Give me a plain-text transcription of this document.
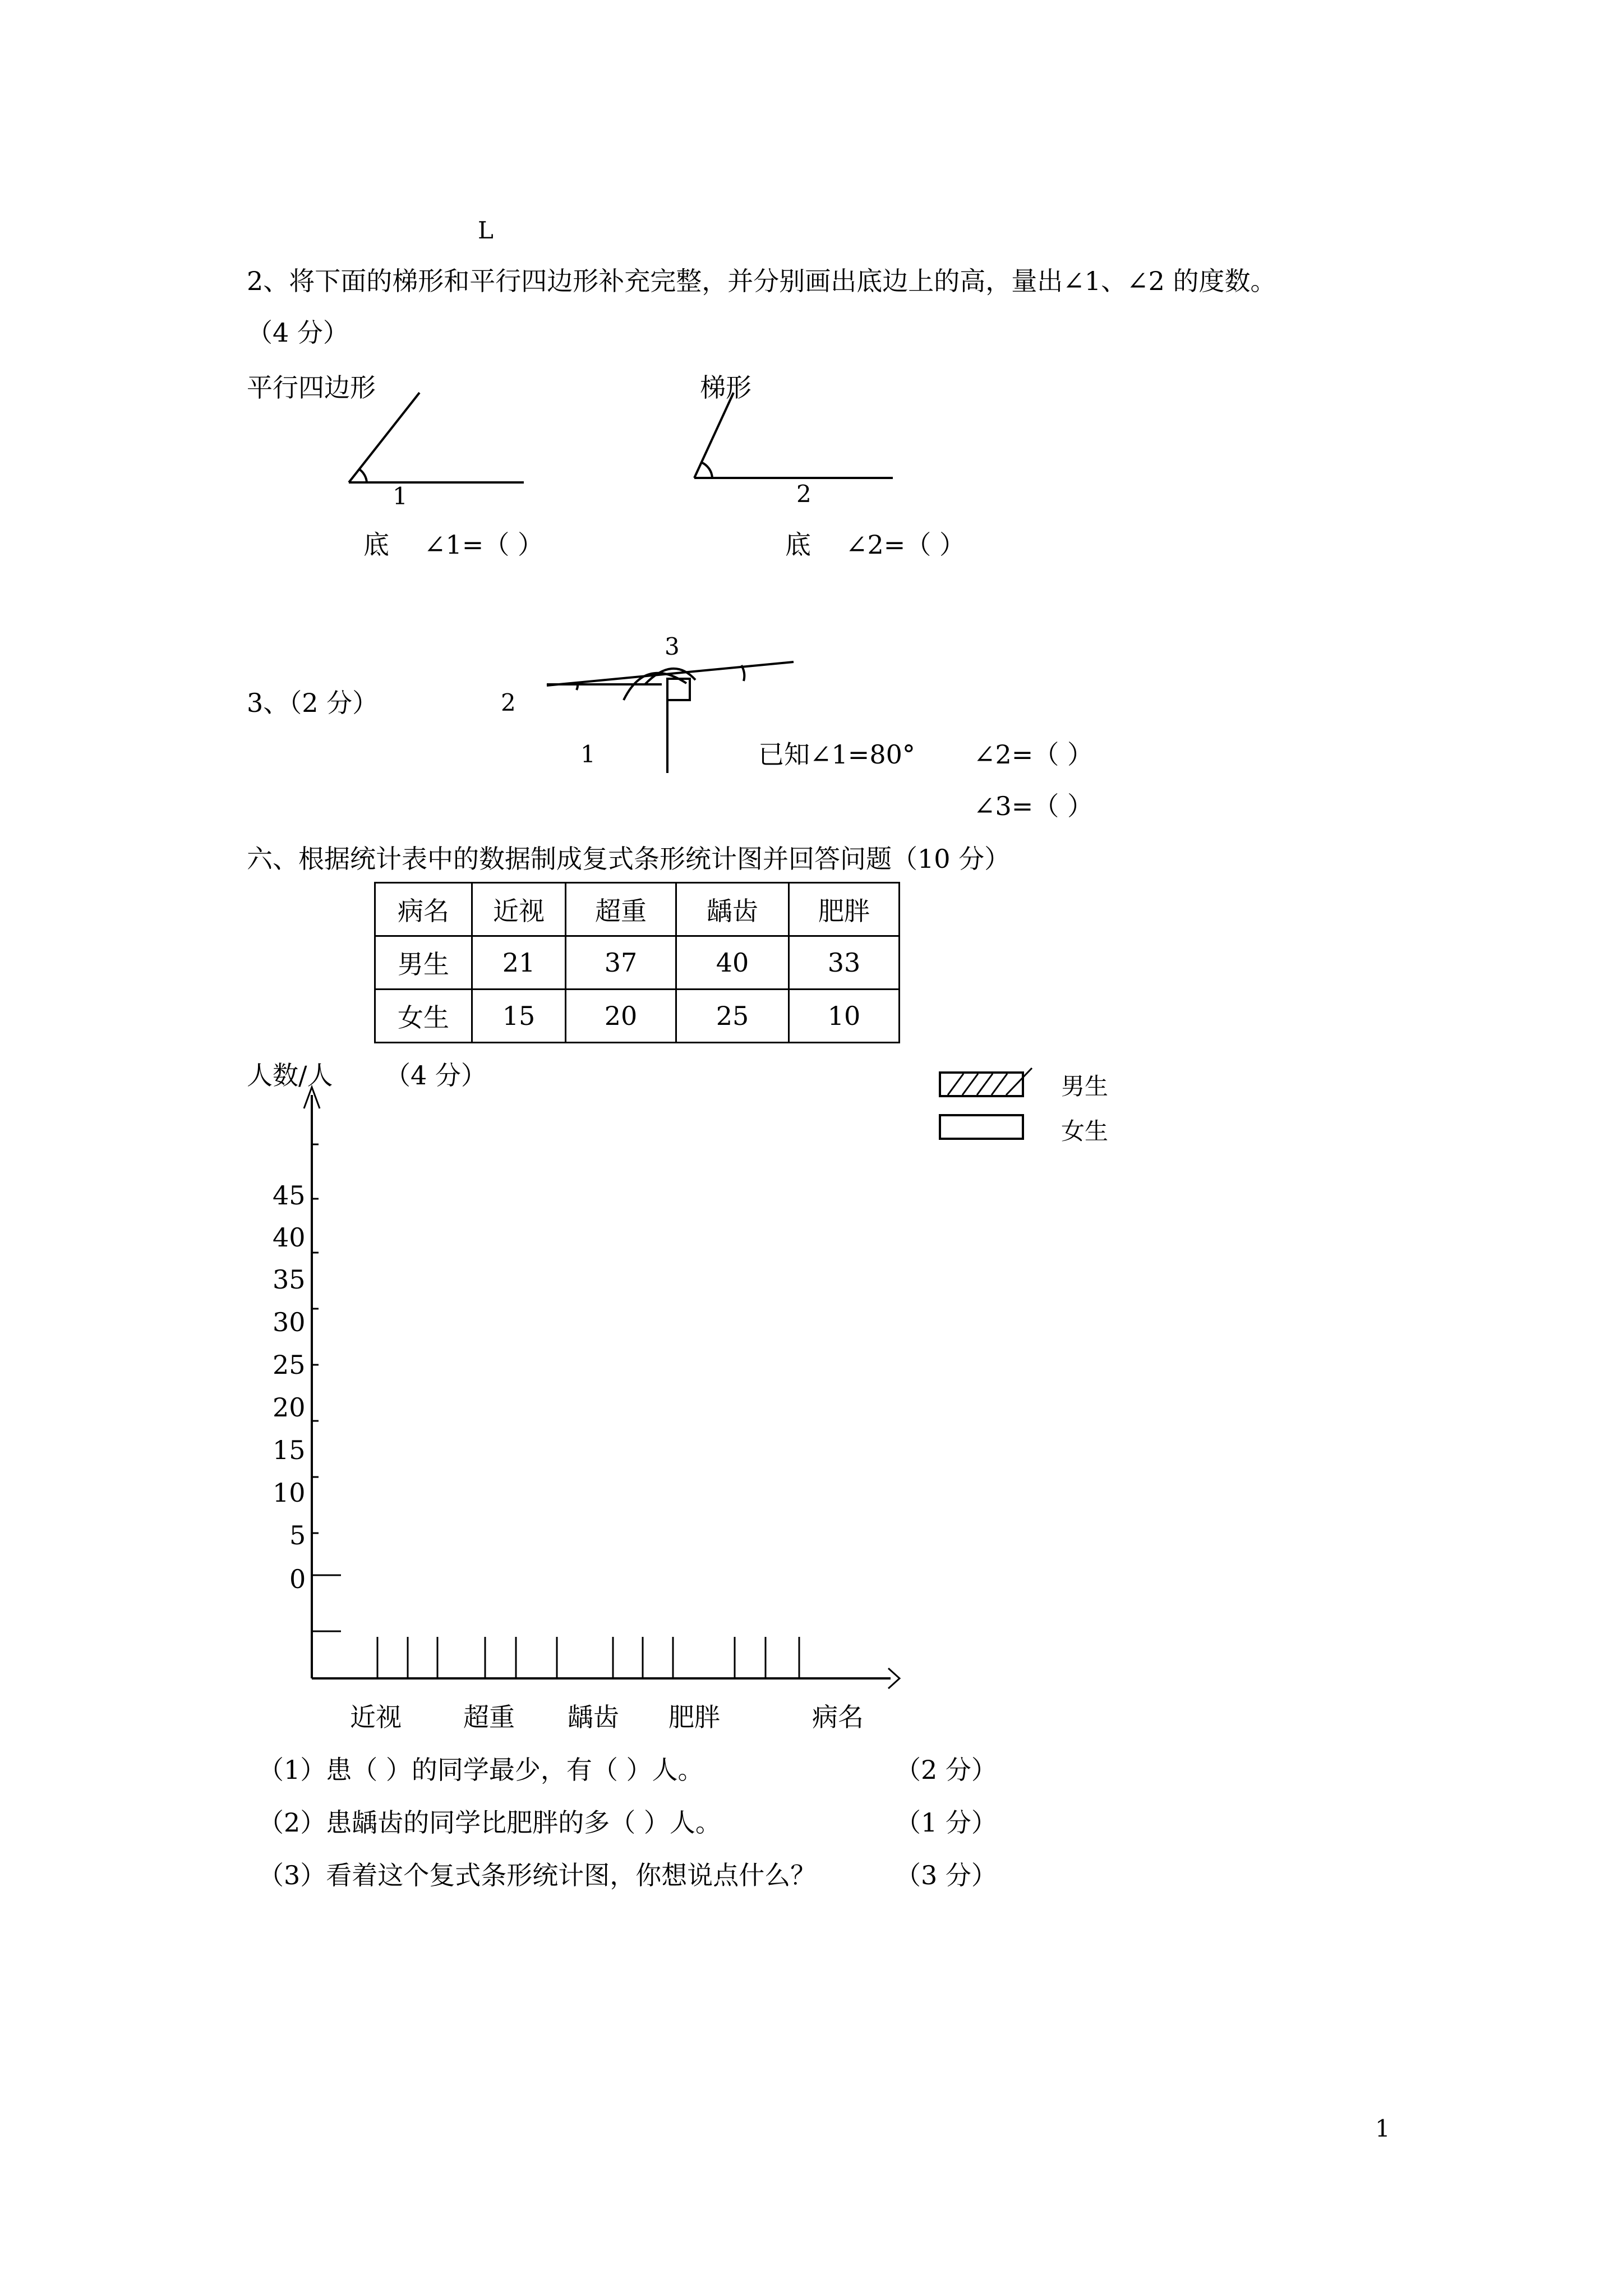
L
2、将下面的梯形和平行四边形补充完整，并分别画出底边上的高，量出∠1、∠2 的度数。
（4 分）
平行四边形	梯形
1	2
底 ∠1=（ ）	底 ∠2=（ ）
3、（2 分）
3
2
1	已知∠1=80° ∠2=（ ）
∠3=（ ）
六、根据统计表中的数据制成复式条形统计图并回答问题（10 分）
病名	近视	超重	龋齿	肥胖
男生	21	37	40	33
女生	15	20	25	10
人数/人 （4 分）	男生
女生
45
40
35
30
25
20
15
10
5
0
近视 超重 龋齿 肥胖	病名
（1）患（ ）的同学最少，有（ ）人。	（2 分）
（2）患龋齿的同学比肥胖的多（ ）人。	（1 分）
（3）看着这个复式条形统计图，你想说点什么？	（3 分）
1
